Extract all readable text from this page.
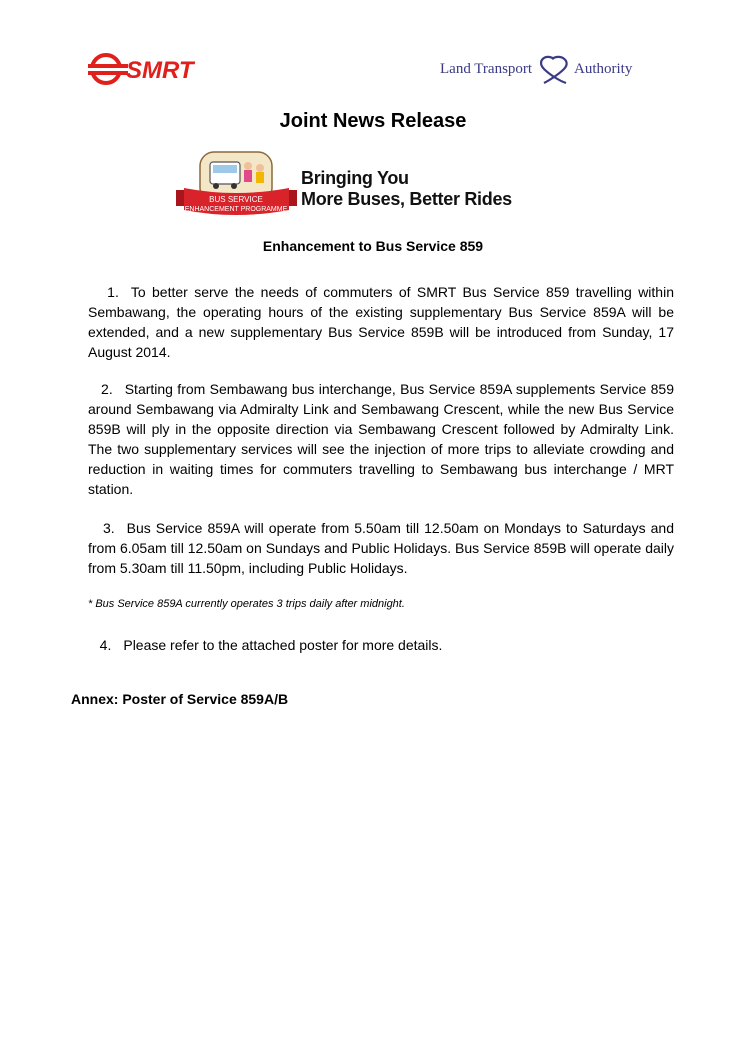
SMRT	Land Transport	Authority
Joint News Release
BUS SERVICE
ENHANCEMENT PROGRAMME
Bringing You
More Buses, Better Rides
Enhancement to Bus Service 859

1. To better serve the needs of commuters of SMRT Bus Service 859 travelling within Sembawang, the operating hours of the existing supplementary Bus Service 859A will be extended, and a new supplementary Bus Service 859B will be introduced from Sunday, 17 August 2014.

2. Starting from Sembawang bus interchange, Bus Service 859A supplements Service 859 around Sembawang via Admiralty Link and Sembawang Crescent, while the new Bus Service 859B will ply in the opposite direction via Sembawang Crescent followed by Admiralty Link. The two supplementary services will see the injection of more trips to alleviate crowding and reduction in waiting times for commuters travelling to Sembawang bus interchange / MRT station.

3. Bus Service 859A will operate from 5.50am till 12.50am on Mondays to Saturdays and from 6.05am till 12.50am on Sundays and Public Holidays. Bus Service 859B will operate daily from 5.30am till 11.50pm, including Public Holidays.

* Bus Service 859A currently operates 3 trips daily after midnight.

4. Please refer to the attached poster for more details.

Annex: Poster of Service 859A/B
